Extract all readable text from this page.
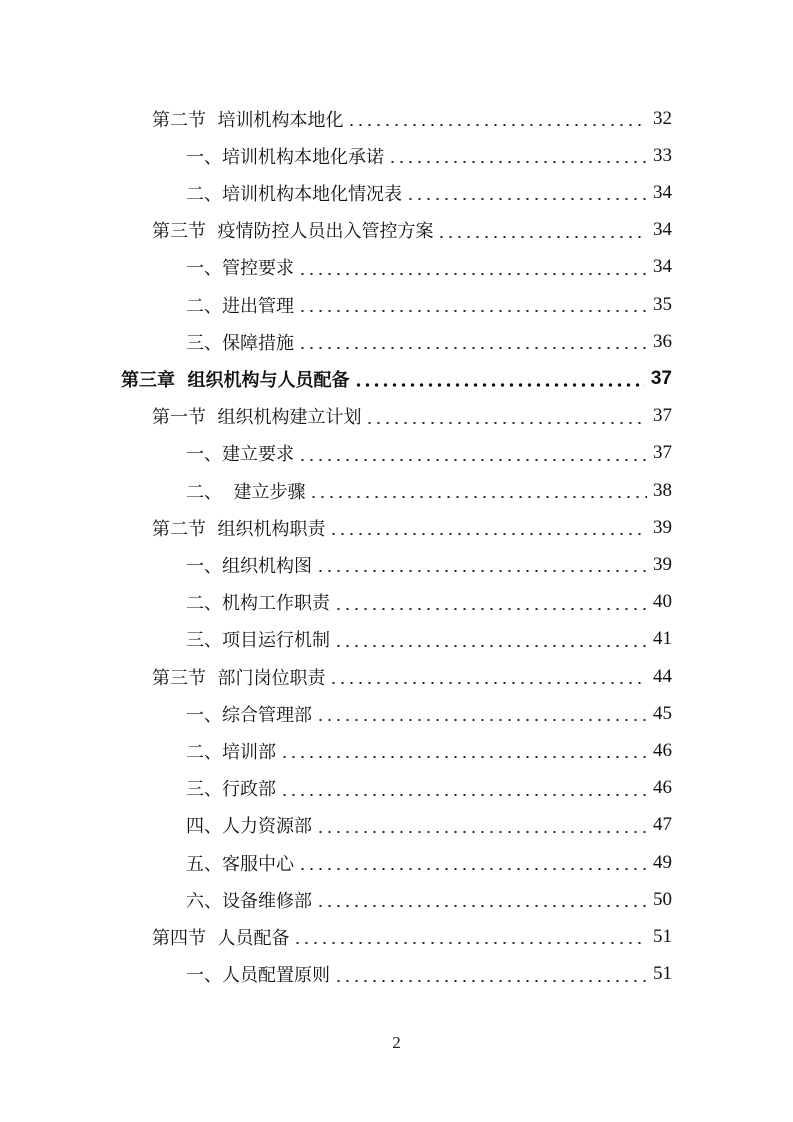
第二节  培训机构本地化	32
一、培训机构本地化承诺	33
二、培训机构本地化情况表	34
第三节  疫情防控人员出入管控方案	34
一、管控要求	34
二、进出管理	35
三、保障措施	36
第三章  组织机构与人员配备	37
第一节  组织机构建立计划	37
一、建立要求	37
二、  建立步骤	38
第二节  组织机构职责	39
一、组织机构图	39
二、机构工作职责	40
三、项目运行机制	41
第三节  部门岗位职责	44
一、综合管理部	45
二、培训部	46
三、行政部	46
四、人力资源部	47
五、客服中心	49
六、设备维修部	50
第四节  人员配备	51
一、人员配置原则	51
2
